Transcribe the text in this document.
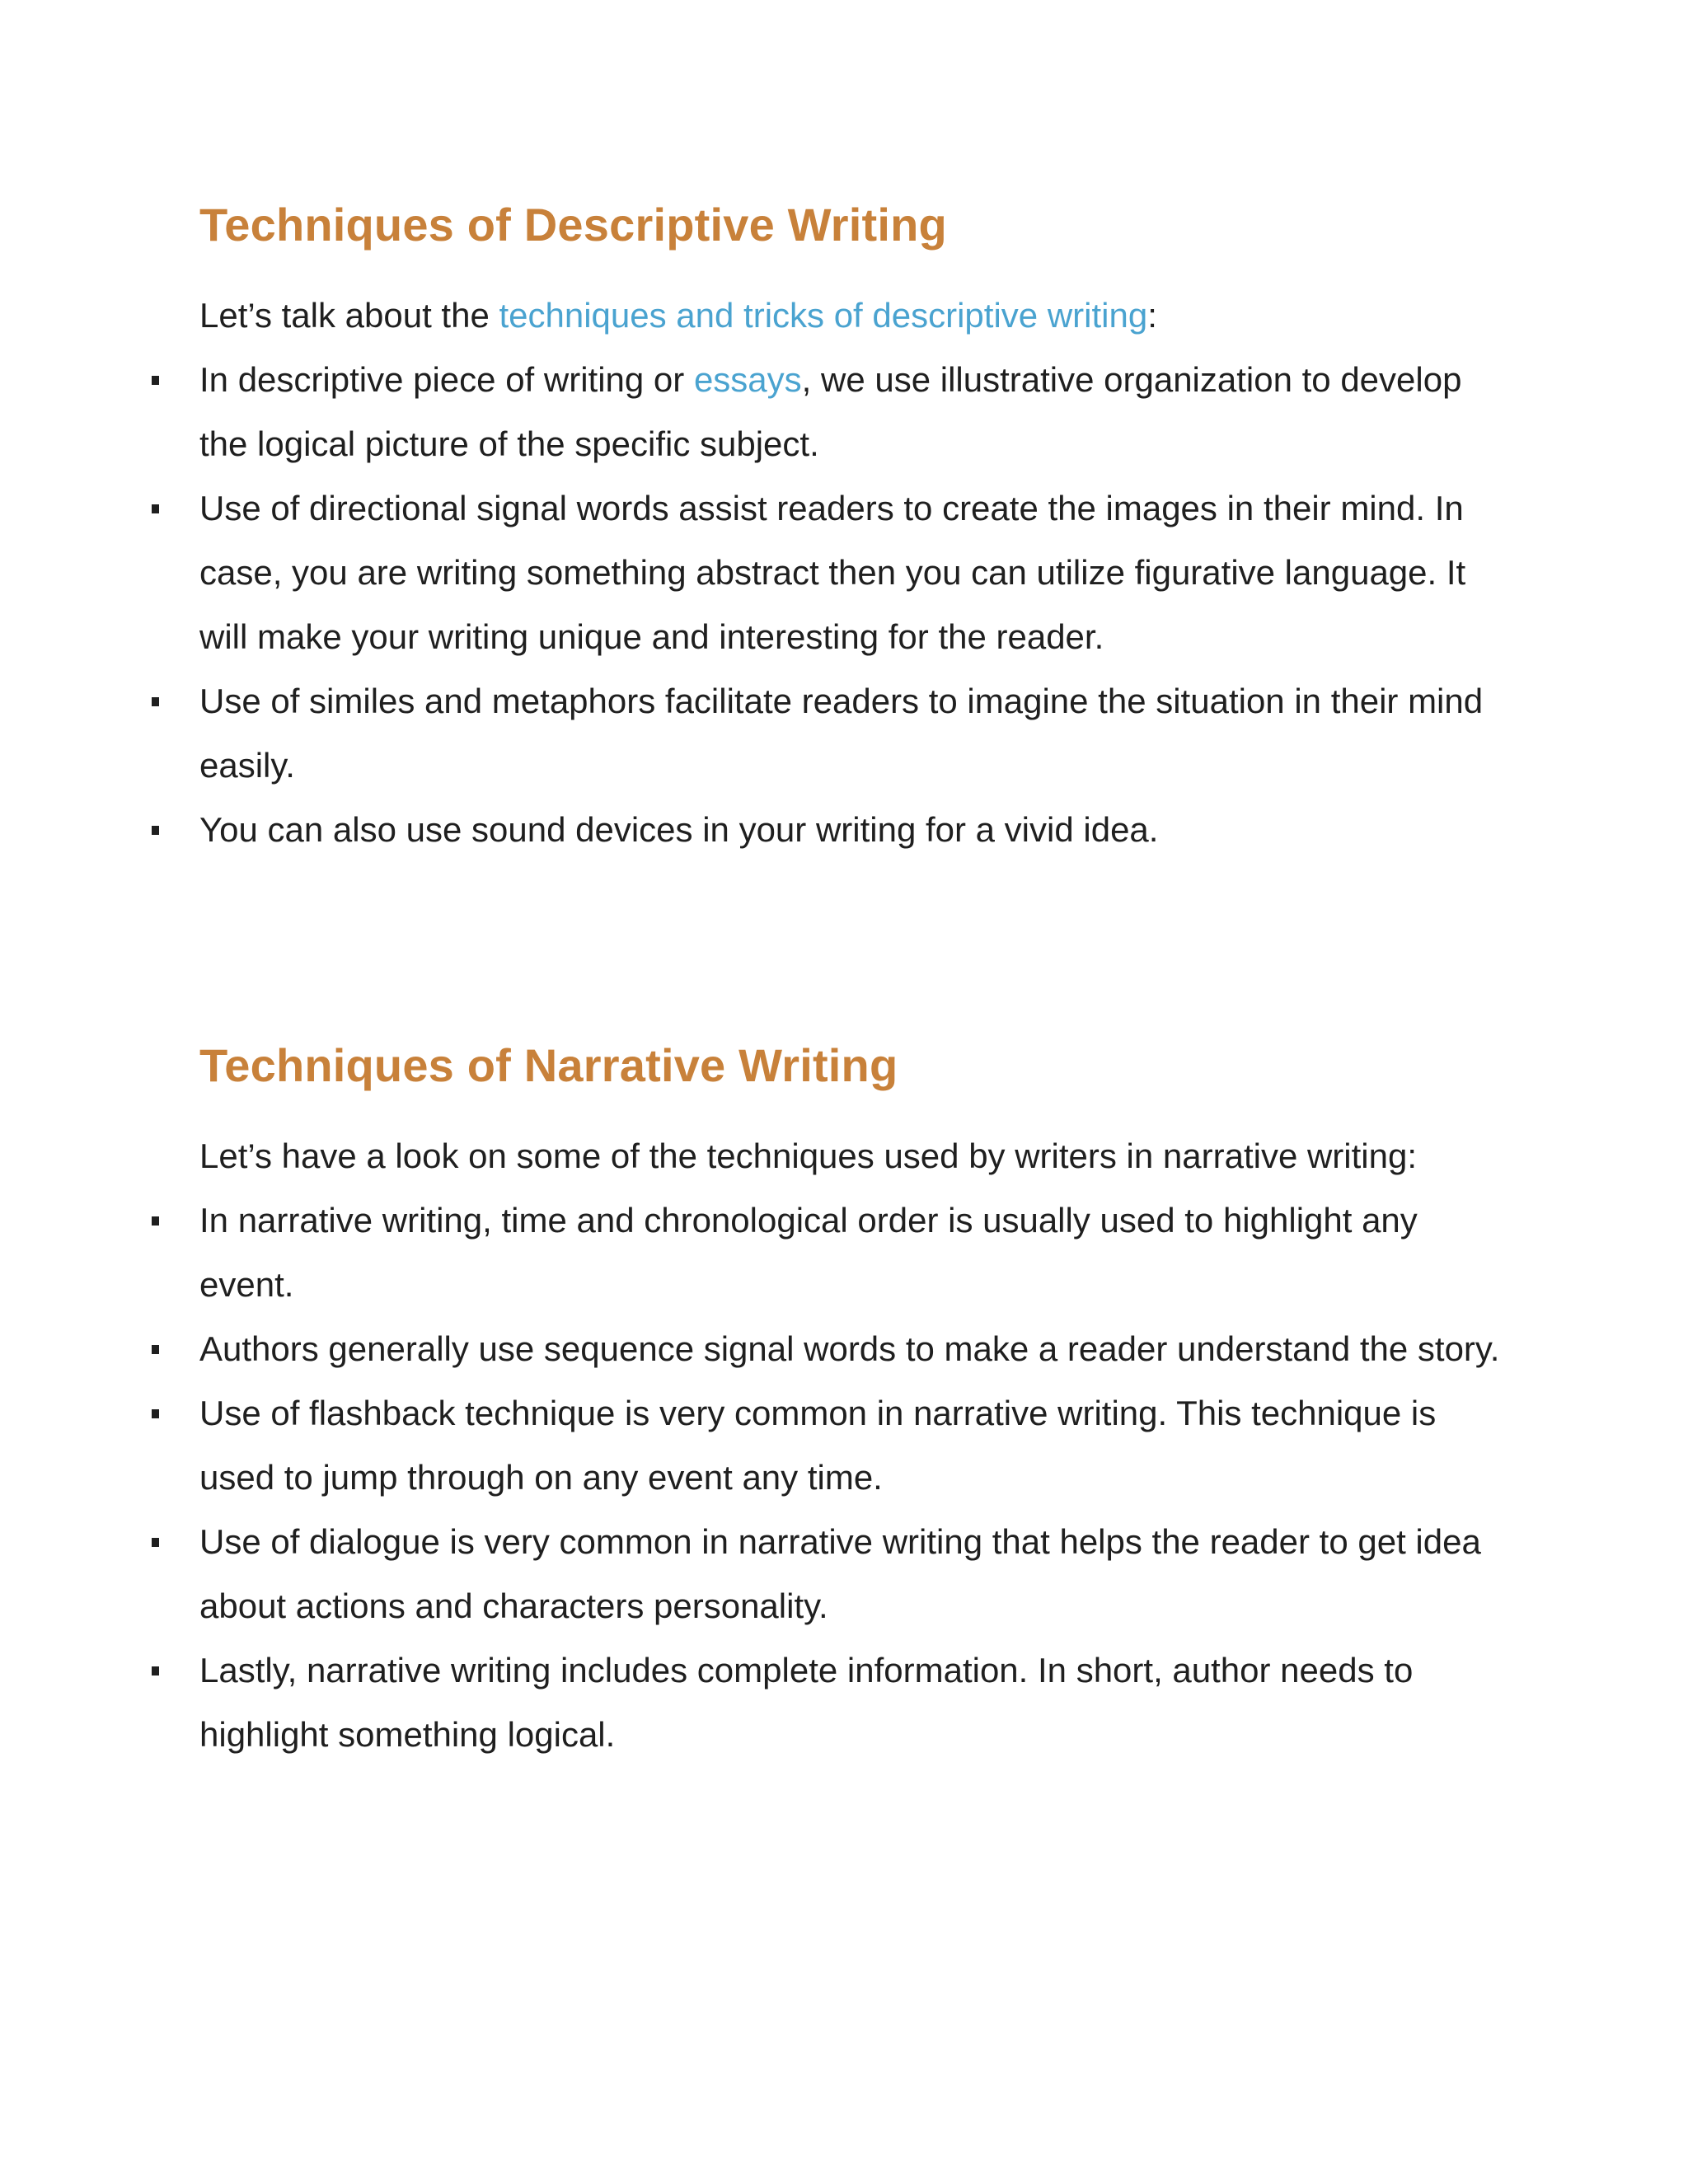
Techniques of Descriptive Writing

Let’s talk about the techniques and tricks of descriptive writing:

In descriptive piece of writing or essays, we use illustrative organization to develop the logical picture of the specific subject.
Use of directional signal words assist readers to create the images in their mind. In case, you are writing something abstract then you can utilize figurative language. It will make your writing unique and interesting for the reader.
Use of similes and metaphors facilitate readers to imagine the situation in their mind easily.
You can also use sound devices in your writing for a vivid idea.
Techniques of Narrative Writing

Let’s have a look on some of the techniques used by writers in narrative writing:

In narrative writing, time and chronological order is usually used to highlight any event.
Authors generally use sequence signal words to make a reader understand the story.
Use of flashback technique is very common in narrative writing. This technique is used to jump through on any event any time.
Use of dialogue is very common in narrative writing that helps the reader to get idea about actions and characters personality.
Lastly, narrative writing includes complete information. In short, author needs to highlight something logical.
